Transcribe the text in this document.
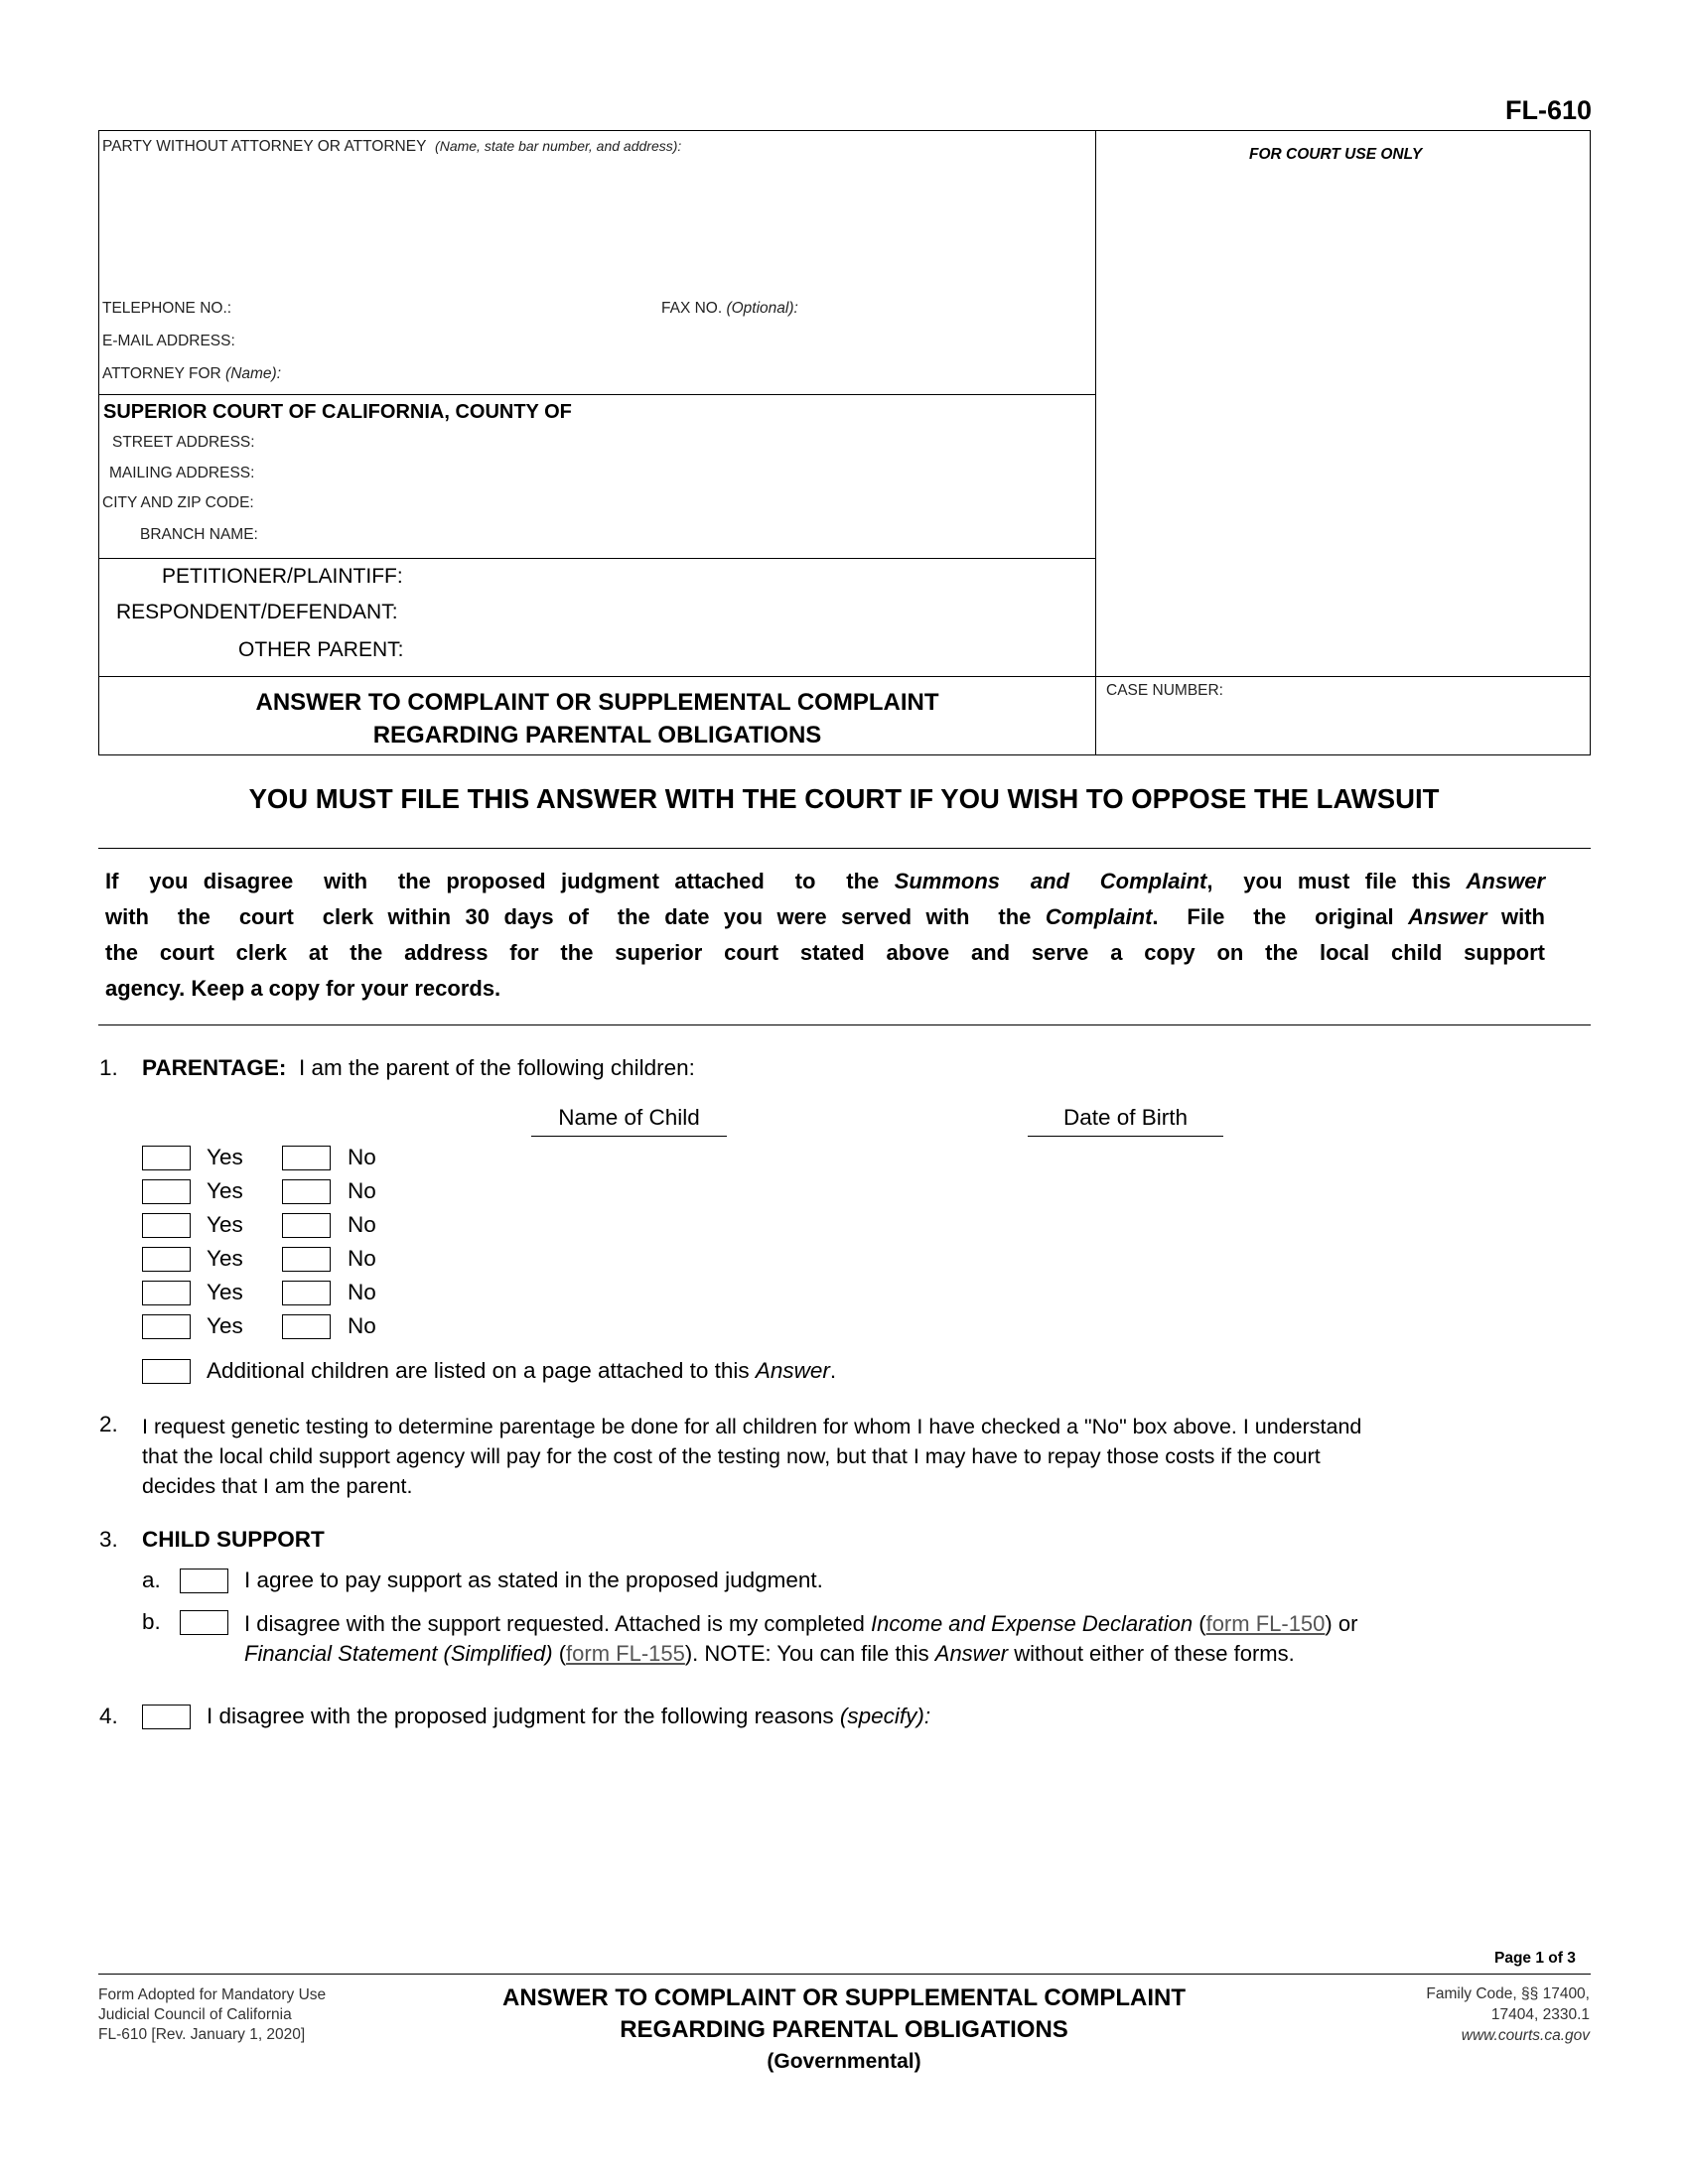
FL-610
PARTY WITHOUT ATTORNEY OR ATTORNEY (Name, state bar number, and address):	FOR COURT USE ONLY
TELEPHONE NO.:	FAX NO. (Optional):
E-MAIL ADDRESS:
ATTORNEY FOR (Name):
SUPERIOR COURT OF CALIFORNIA, COUNTY OF
STREET ADDRESS:
MAILING ADDRESS:
CITY AND ZIP CODE:
BRANCH NAME:
PETITIONER/PLAINTIFF:
RESPONDENT/DEFENDANT:
OTHER PARENT:
ANSWER TO COMPLAINT OR SUPPLEMENTAL COMPLAINT
REGARDING PARENTAL OBLIGATIONS
CASE NUMBER:
YOU MUST FILE THIS ANSWER WITH THE COURT IF YOU WISH TO OPPOSE THE LAWSUIT
If  you disagree  with  the proposed judgment attached  to  the Summons  and  Complaint,  you must file this Answer
with  the  court  clerk within 30 days of  the date you were served with  the Complaint.  File  the  original Answer with
the court clerk at the address for the superior court stated above and serve a copy on the local child support
agency. Keep a copy for your records.
1. PARENTAGE: I am the parent of the following children:
Name of Child	Date of Birth
Yes	No
Yes	No
Yes	No
Yes	No
Yes	No
Yes	No
Additional children are listed on a page attached to this Answer.
2. I request genetic testing to determine parentage be done for all children for whom I have checked a "No" box above. I understand
that the local child support agency will pay for the cost of the testing now, but that I may have to repay those costs if the court
decides that I am the parent.
3. CHILD SUPPORT
a.	I agree to pay support as stated in the proposed judgment.
b.	I disagree with the support requested. Attached is my completed Income and Expense Declaration (form FL-150) or
Financial Statement (Simplified) (form FL-155). NOTE: You can file this Answer without either of these forms.
4.	I disagree with the proposed judgment for the following reasons (specify):
Page 1 of 3
Form Adopted for Mandatory Use
Judicial Council of California
FL-610 [Rev. January 1, 2020]
ANSWER TO COMPLAINT OR SUPPLEMENTAL COMPLAINT
REGARDING PARENTAL OBLIGATIONS
(Governmental)
Family Code, §§ 17400,
17404, 2330.1
www.courts.ca.gov
